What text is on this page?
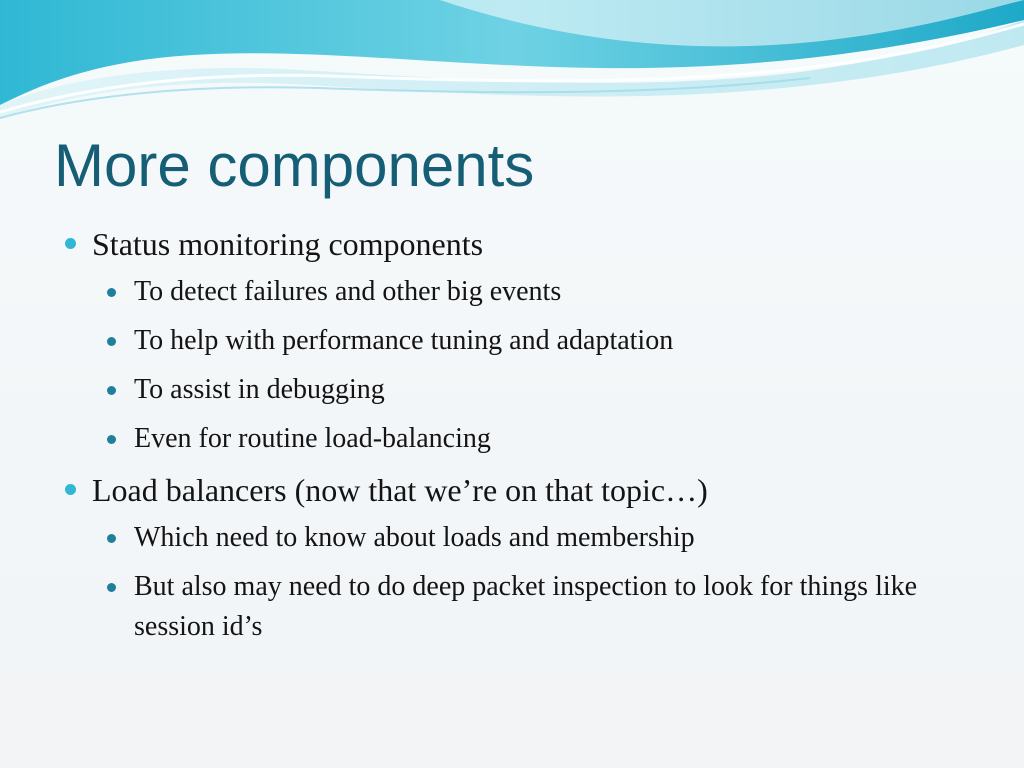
More components
Status monitoring components
To detect failures and other big events
To help with performance tuning and adaptation
To assist in debugging
Even for routine load-balancing
Load balancers (now that we’re on that topic…)
Which need to know about loads and membership
But also may need to do deep packet inspection to look for things like session id’s
